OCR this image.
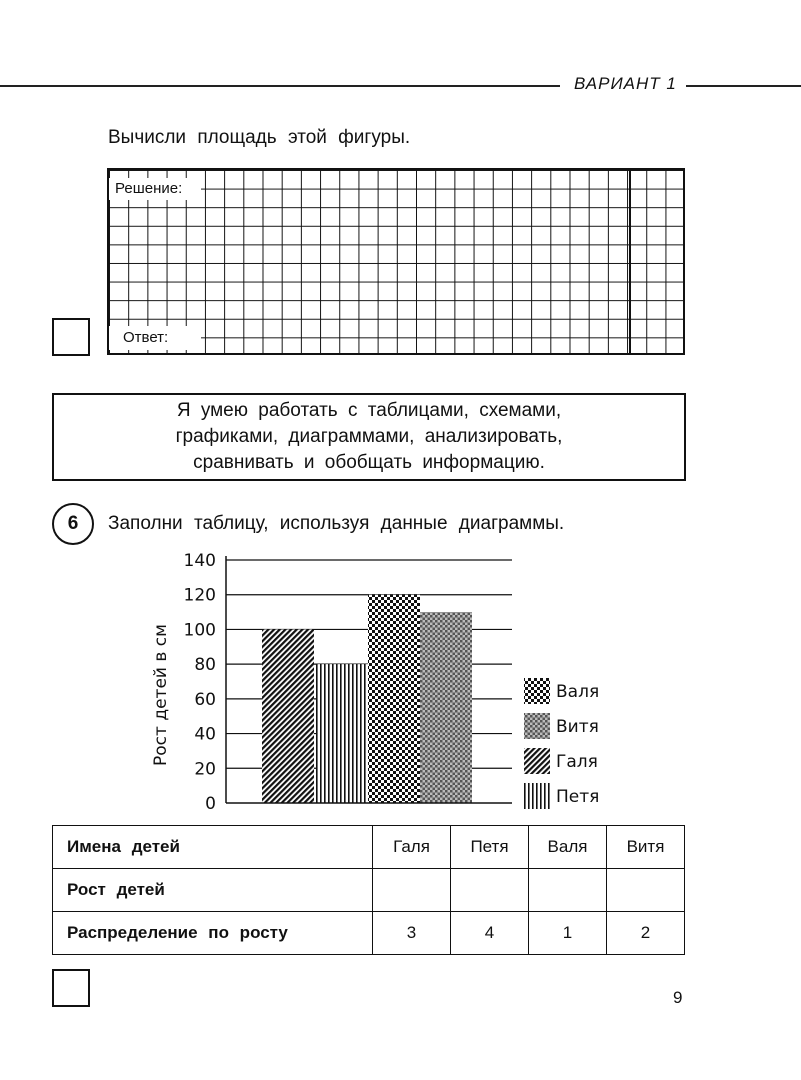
ВАРИАНТ 1
Вычисли площадь этой фигуры.
Решение:
Ответ:

Я умею работать с таблицами, схемами,

графиками, диаграммами, анализировать,

сравнивать и обобщать информацию.

6	Заполни таблицу, используя данные диаграммы.
0
20
40
60
80
100
120
140
Валя
Витя
Галя
Петя
Рост детей в см
Имена детей	Галя	Петя	Валя	Витя
Рост детей				
Распределение по росту	3	4	1	2
9
